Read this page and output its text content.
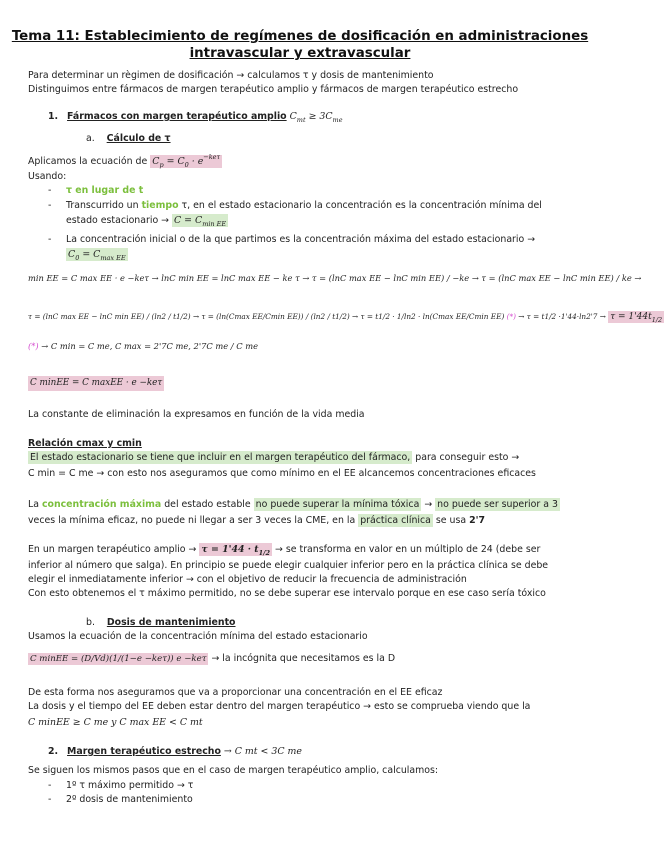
Tema 11: Establecimiento de regímenes de dosificación en administraciones
intravascular y extravascular
Para determinar un règimen de dosificación → calculamos τ y dosis de mantenimiento
Distinguimos entre fármacos de margen terapéutico amplio y fármacos de margen terapéutico estrecho
1. Fármacos con margen terapéutico amplio $C_{mt} \ge 3C_{me}$
a. Cálculo de τ
Aplicamos la ecuación de $C_p = C_0 \cdot e^{-ke\tau}$
Usando:
- τ en lugar de t
- Transcurrido un tiempo τ, en el estado estacionario la concentración es la concentración mínima del
estado estacionario → $C = C_{min EE}$
- La concentración inicial o de la que partimos es la concentración máxima del estado estacionario →
$C_0 = C_{max EE}$
min EE = C max EE · e −keτ → lnC min EE = lnC max EE − ke τ → τ = (lnC max EE − lnC min EE) / −ke → τ = (lnC max EE − lnC min EE) / ke →
τ = (lnC max EE − lnC min EE) / (ln2 / t1/2) → τ = (ln(Cmax EE/Cmin EE)) / (ln2 / t1/2) → τ = t1/2 · 1/ln2 · ln(Cmax EE/Cmin EE) (*) → $\tau = t1/2 \cdot 1'44\cdot\ln 2'7 \to \tau = 1'44t_{1/2}$
(*) → C min = C me, C max = 2'7C me, 2'7C me / C me
C minEE = C maxEE · e −keτ
La constante de eliminación la expresamos en función de la vida media
Relación cmax y cmin
El estado estacionario se tiene que incluir en el margen terapéutico del fármaco, para conseguir esto →
C min = C me → con esto nos aseguramos que como mínimo en el EE alcancemos concentraciones eficaces
La concentración máxima del estado estable no puede superar la mínima tóxica → no puede ser superior a 3
veces la mínima eficaz, no puede ni llegar a ser 3 veces la CME, en la práctica clínica se usa 2'7
En un margen terapéutico amplio → $\tau = 1'44 \cdot t_{1/2}$ → se transforma en valor en un múltiplo de 24 (debe ser
inferior al número que salga). En principio se puede elegir cualquier inferior pero en la práctica clínica se debe
elegir el inmediatamente inferior → con el objetivo de reducir la frecuencia de administración
Con esto obtenemos el τ máximo permitido, no se debe superar ese intervalo porque en ese caso sería tóxico
b. Dosis de mantenimiento
Usamos la ecuación de la concentración mínima del estado estacionario
C minEE = (D/Vd)(1/(1−e −keτ)) e −keτ → la incógnita que necesitamos es la D
De esta forma nos aseguramos que va a proporcionar una concentración en el EE eficaz
La dosis y el tiempo del EE deben estar dentro del margen terapéutico → esto se comprueba viendo que la
C minEE ≥ C me y C max EE < C mt
2. Margen terapéutico estrecho → C mt < 3C me
Se siguen los mismos pasos que en el caso de margen terapéutico amplio, calculamos:
- 1º τ máximo permitido → τ
- 2º dosis de mantenimiento
